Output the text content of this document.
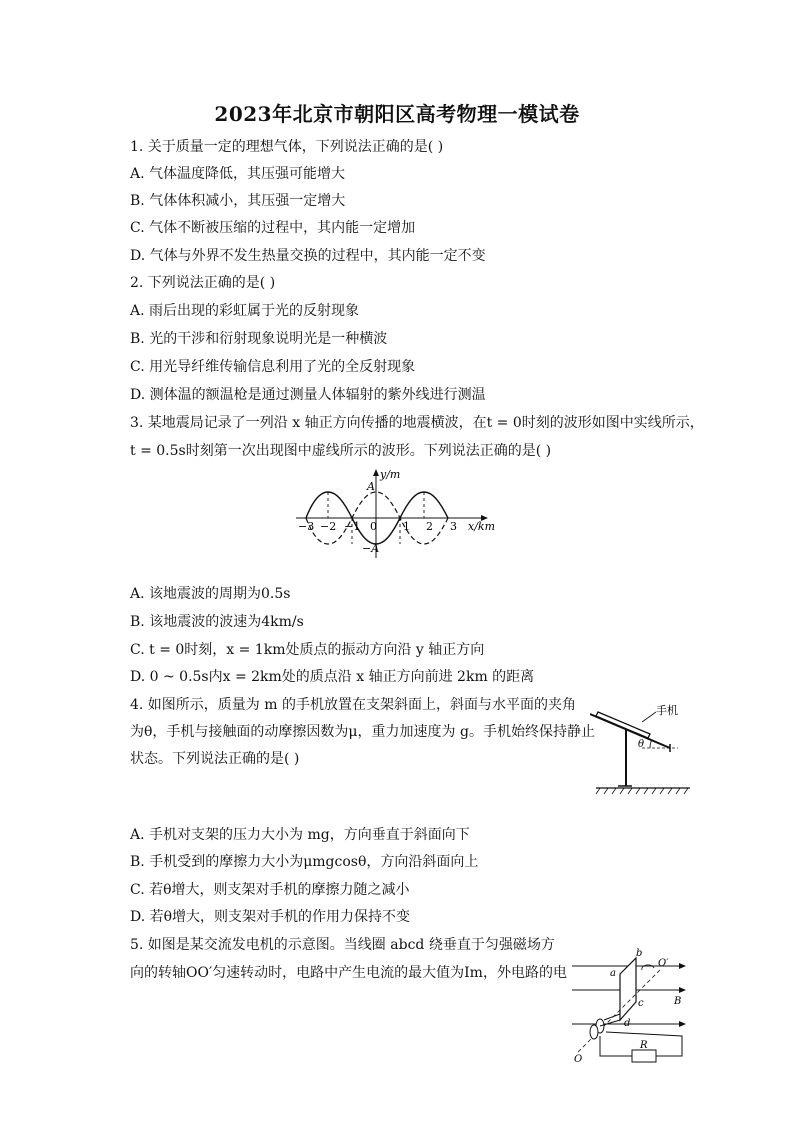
2023年北京市朝阳区高考物理一模试卷
1. 关于质量一定的理想气体，下列说法正确的是( )
A. 气体温度降低，其压强可能增大
B. 气体体积减小，其压强一定增大
C. 气体不断被压缩的过程中，其内能一定增加
D. 气体与外界不发生热量交换的过程中，其内能一定不变
2. 下列说法正确的是( )
A. 雨后出现的彩虹属于光的反射现象
B. 光的干涉和衍射现象说明光是一种横波
C. 用光导纤维传输信息利用了光的全反射现象
D. 测体温的额温枪是通过测量人体辐射的紫外线进行测温
3. 某地震局记录了一列沿 x 轴正方向传播的地震横波，在t = 0时刻的波形如图中实线所示，
t = 0.5s时刻第一次出现图中虚线所示的波形。下列说法正确的是( )
y/m
x/km
A
−A
−3 −2 −1 0 1 2 3
A. 该地震波的周期为0.5s
B. 该地震波的波速为4km/s
C. t = 0时刻，x = 1km处质点的振动方向沿 y 轴正方向
D. 0 ~ 0.5s内x = 2km处的质点沿 x 轴正方向前进 2km 的距离
4. 如图所示，质量为 m 的手机放置在支架斜面上，斜面与水平面的夹角
为θ，手机与接触面的动摩擦因数为μ，重力加速度为 g。手机始终保持静止
状态。下列说法正确的是( )
手机
θ
A. 手机对支架的压力大小为 mg，方向垂直于斜面向下
B. 手机受到的摩擦力大小为μmgcosθ，方向沿斜面向上
C. 若θ增大，则支架对手机的摩擦力随之减小
D. 若θ增大，则支架对手机的作用力保持不变
5. 如图是某交流发电机的示意图。当线圈 abcd 绕垂直于匀强磁场方
向的转轴OO′匀速转动时，电路中产生电流的最大值为Im，外电路的电	a
b
c
d
O′
O
B
R
